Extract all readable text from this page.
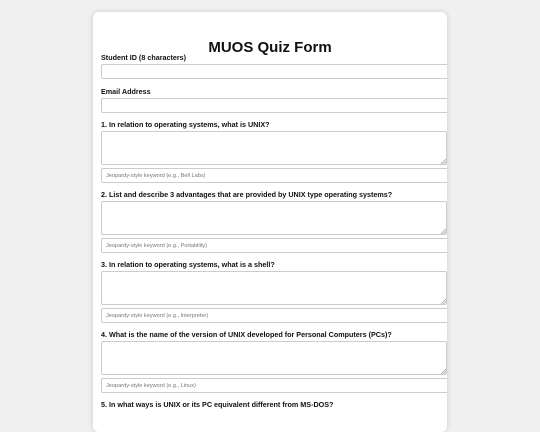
MUOS Quiz Form
Student ID (8 characters)
Email Address
1. In relation to operating systems, what is UNIX?
Jeopardy-style keyword (e.g., Bell Labs)
2. List and describe 3 advantages that are provided by UNIX type operating systems?
Jeopardy-style keyword (e.g., Portability)
3. In relation to operating systems, what is a shell?
Jeopardy-style keyword (e.g., Interpreter)
4. What is the name of the version of UNIX developed for Personal Computers (PCs)?
Jeopardy-style keyword (e.g., Linux)
5. In what ways is UNIX or its PC equivalent different from MS-DOS?
